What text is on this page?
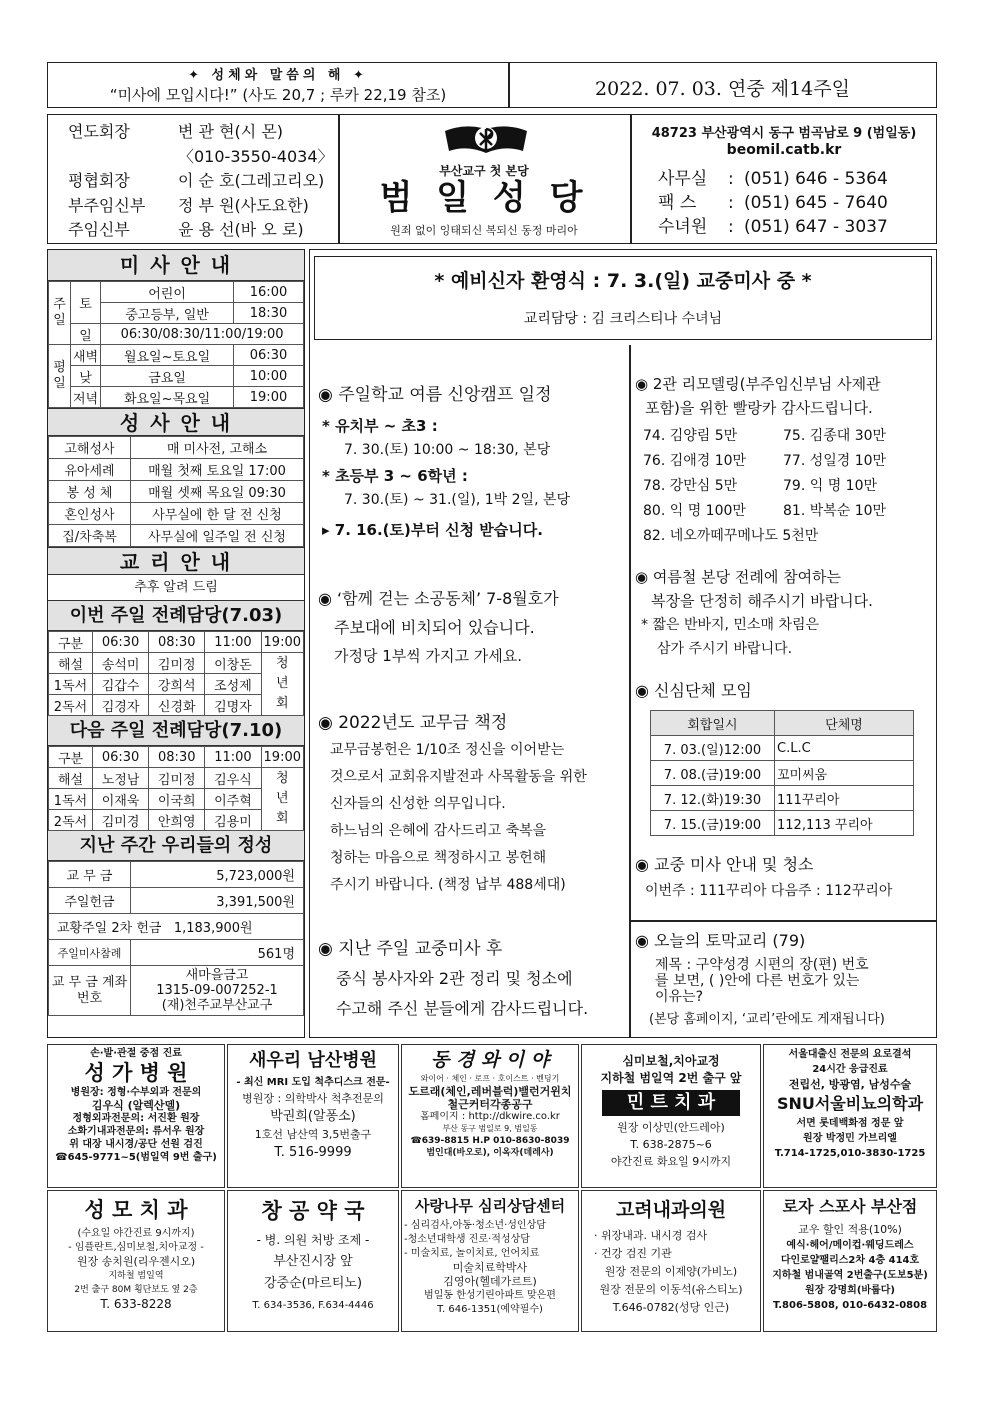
✦ 성체와 말씀의 해 ✦
“미사에 모입시다!” (사도 20,7 ; 루카 22,19 참조)	2022. 07. 03. 연중 제14주일
연도회장	변 관 현(시 몬)
〈010-3550-4034〉
평협회장	이 순 호(그레고리오)
부주임신부	정 부 원(사도요한)
주임신부	윤 용 선(바 오 로)
부산교구 첫 본당
범 일 성 당
원죄 없이 잉태되신 복되신 동정 마리아
48723 부산광역시 동구 범곡남로 9 (범일동)
beomil.catb.kr
사무실	: (051) 646 - 5364
팩 스	: (051) 645 - 7640
수녀원	: (051) 647 - 3037
미 사 안 내
주일	토	어린이	16:00
		중고등부, 일반	18:30
	일	06:30/08:30/11:00/19:00	
평일	새벽	월요일~토요일	06:30
	낮	금요일	10:00
	저녁	화요일~목요일	19:00
성 사 안 내
고해성사	매 미사전, 고해소
유아세례	매월 첫째 토요일 17:00
봉 성 체	매월 셋째 목요일 09:30
혼인성사	사무실에 한 달 전 신청
집/차축복	사무실에 일주일 전 신청
교 리 안 내
추후 알려 드림
이번 주일 전례담당(7.03)
구분	06:30	08:30	11:00	19:00
해설	송석미	김미정	이창돈	청년회
1독서	김갑수	강희석	조성제	
2독서	김경자	신경화	김명자	
다음 주일 전례담당(7.10)
구분	06:30	08:30	11:00	19:00
해설	노정남	김미정	김우식	청년회
1독서	이재욱	이국희	이주혁	
2독서	김미경	안희영	김용미	
지난 주간 우리들의 정성
교 무 금	5,723,000원
주일헌금	3,391,500원
교황주일 2차 헌금 1,183,900원	
주일미사참례	561명
교 무 금 계좌번호	새마을금고
1315-09-007252-1
(재)천주교부산교구
* 예비신자 환영식 : 7. 3.(일) 교중미사 중 *
교리담당 : 김 크리스티나 수녀님
◉ 주일학교 여름 신앙캠프 일정
* 유치부 ~ 초3 :
7. 30.(토) 10:00 ~ 18:30, 본당
* 초등부 3 ~ 6학년 :
7. 30.(토) ~ 31.(일), 1박 2일, 본당
▸ 7. 16.(토)부터 신청 받습니다.
◉ ‘함께 걷는 소공동체’ 7-8월호가
주보대에 비치되어 있습니다.
가정당 1부씩 가지고 가세요.
◉ 2022년도 교무금 책정
교무금봉헌은 1/10조 정신을 이어받는
것으로서 교회유지발전과 사목활동을 위한
신자들의 신성한 의무입니다.
하느님의 은혜에 감사드리고 축복을
청하는 마음으로 책정하시고 봉헌해
주시기 바랍니다. (책정 납부 488세대)
◉ 지난 주일 교중미사 후
중식 봉사자와 2관 정리 및 청소에
수고해 주신 분들에게 감사드립니다.
◉ 2관 리모델링(부주임신부님 사제관
포함)을 위한 빨랑카 감사드립니다.
74. 김양림 5만	75. 김종대 30만
76. 김애경 10만	77. 성일경 10만
78. 강만심 5만	79. 익 명 10만
80. 익 명 100만	81. 박복순 10만
82. 네오까떼꾸메나도 5천만
◉ 여름철 본당 전례에 참여하는
복장을 단정히 해주시기 바랍니다.
* 짧은 반바지, 민소매 차림은
삼가 주시기 바랍니다.
◉ 신심단체 모임
회합일시	단체명
7. 03.(일)12:00	C.L.C
7. 08.(금)19:00	꼬미씨움
7. 12.(화)19:30	111꾸리아
7. 15.(금)19:00	112,113 꾸리아
◉ 교중 미사 안내 및 청소
이번주 : 111꾸리아 다음주 : 112꾸리아
◉ 오늘의 토막교리 (79)
제목 : 구약성경 시편의 장(편) 번호
를 보면, ( )안에 다른 번호가 있는
이유는?
(본당 홈페이지, ‘교리’란에도 게재됩니다)
손·발·관절 중점 진료
성 가 병 원
병원장: 정형·수부외과 전문의
김우식 (알렉산델)
정형외과전문의: 서진환 원장
소화기내과전문의: 류서우 원장
위 대장 내시경/공단 선원 검진
☎645-9771~5(범일역 9번 출구)
새우리 남산병원
- 최신 MRI 도입 척추디스크 전문-
병원장 : 의학박사 척추전문의
박권희(알퐁소)
1호선 남산역 3,5번출구
T. 516-9999
동 경 와 이 야
와이어 · 체인 · 로프 · 호이스트 · 벤딩기
도르래(체인,레버블럭)밸런거윈치
철근커터각종공구
홈페이지 : http://dkwire.co.kr
부산 동구 범일로 9, 범일동
☎639-8815 H.P 010-8630-8039
범인대(바오로), 이옥자(데레사)
심미보철,치아교정
지하철 범일역 2번 출구 앞
민 트 치 과
원장 이상민(안드레아)
T. 638-2875~6
야간진료 화요일 9시까지
서울대출신 전문의 요로결석
24시간 응급진료
전립선, 방광염, 남성수술
SNU서울비뇨의학과
서면 롯데백화점 정문 앞
원장 박정민 가브리엘
T.714-1725,010-3830-1725
성 모 치 과
(수요일 야간진료 9시까지)
- 임플란트,심미보철,치아교정 -
원장 송치원(리우젠시오)
지하철 범일역
2번 출구 80M 횡단보도 옆 2층
T. 633-8228
창 공 약 국
- 병. 의원 처방 조제 -
부산진시장 앞
강중순(마르티노)
T. 634-3536, F.634-4446
사랑나무 심리상담센터
- 심리검사,아동·청소년·성인상담
-청소년대학생 진로·적성상담
- 미술치료, 놀이치료, 언어치료
미술치료학박사
김영아(헬데가르트)
범일동 한성기린아파트 맞은편
T. 646-1351(예약필수)
고려내과의원
· 위장내과. 내시경 검사
· 건강 검진 기관
원장 전문의 이제양(가비노)
원장 전문의 이동석(유스티노)
T.646-0782(성당 인근)
로자 스포사 부산점
교우 할인 적용(10%)
예식·헤어/메이컵·웨딩드레스
다인로얄팰리스2차 4층 414호
지하철 범내골역 2번출구(도보5분)
원장 강명희(바룹다)
T.806-5808, 010-6432-0808
